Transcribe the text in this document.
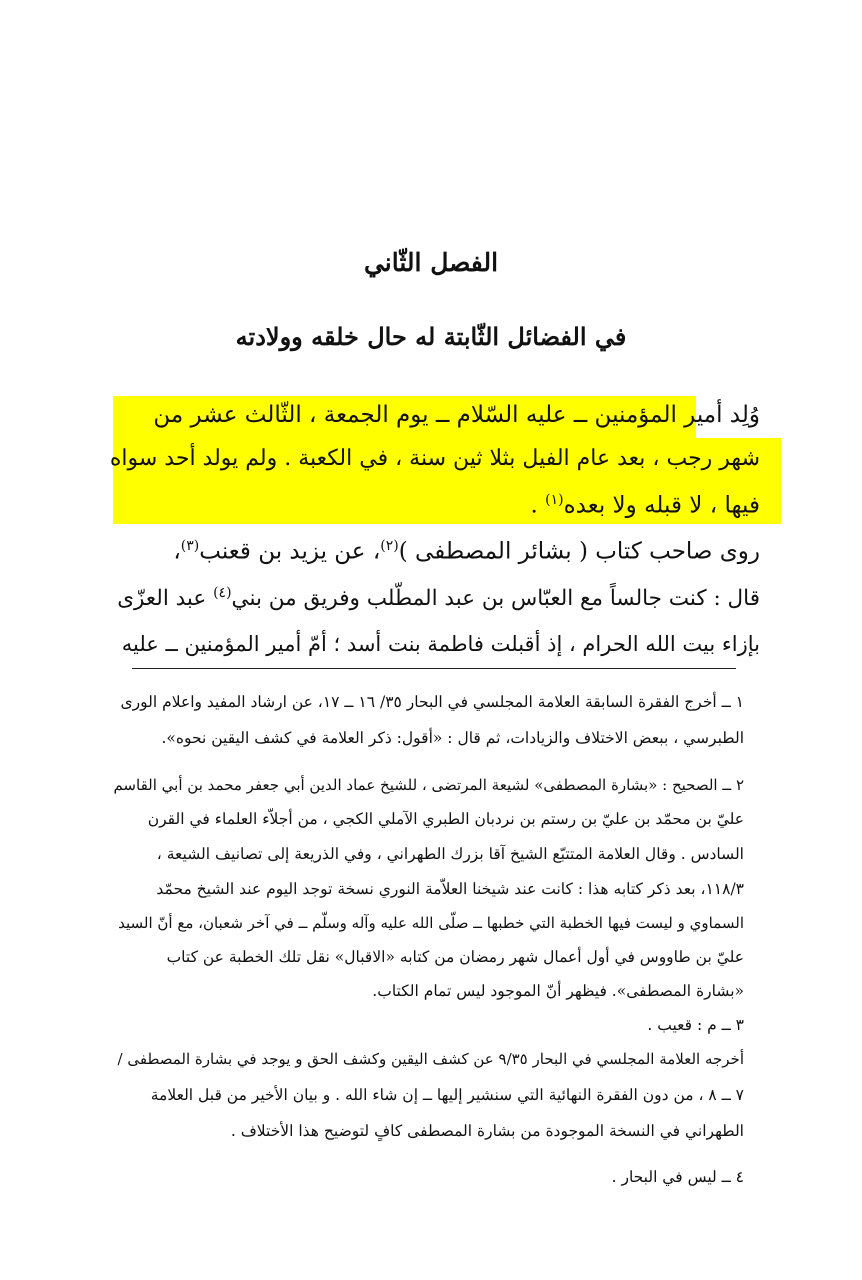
الفصل الثّاني
في الفضائل الثّابتة له حال خلقه وولادته
وُلِد أمير المؤمنين ــ عليه السّلام ــ يوم الجمعة ، الثّالث عشر من
شهر رجب ، بعد عام الفيل بثلا ثين سنة ، في الكعبة . ولم يولد أحد سواه
فيها ، لا قبله ولا بعده$^{(١)}$ .
روى صاحب كتاب ( بشائر المصطفى )$^{(٢)}$، عن يزيد بن قعنب$^{(٣)}$،
قال : كنت جالساً مع العبّاس بن عبد المطّلب وفريق من بني$^{(٤)}$ عبد العزّى
بإزاء بيت الله الحرام ، إذ أقبلت فاطمة بنت أسد ؛ أمّ أمير المؤمنين ــ عليه
١ ــ أخرج الفقرة السابقة العلامة المجلسي في البحار ٣٥/ ١٦ ــ ١٧، عن ارشاد المفيد واعلام الورى
الطبرسي ، ببعض الاختلاف والزيادات، ثم قال : «أقول: ذكر العلامة في كشف اليقين نحوه».
٢ ــ الصحيح : «بشارة المصطفى» لشيعة المرتضى ، للشيخ عماد الدين أبي جعفر محمد بن أبي القاسم
عليّ بن محمّد بن عليّ بن رستم بن نردبان الطبري الآملي الكجي ، من أجلاّء العلماء في القرن
السادس . وقال العلامة المتتبّع الشيخ آقا بزرك الطهراني ، وفي الذريعة إلى تصانيف الشيعة ،
١١٨/٣، بعد ذكر كتابه هذا : كانت عند شيخنا العلاّمة النوري نسخة توجد اليوم عند الشيخ محمّد
السماوي و ليست فيها الخطبة التي خطبها ــ صلّى الله عليه وآله وسلّم ــ في آخر شعبان، مع أنّ السيد
عليّ بن طاووس في أول أعمال شهر رمضان من كتابه «الاقبال» نقل تلك الخطبة عن كتاب
«بشارة المصطفى». فيظهر أنّ الموجود ليس تمام الكتاب.
٣ ــ م : قعيب .
أخرجه العلامة المجلسي في البحار ٩/٣٥ عن كشف اليقين وكشف الحق و يوجد في بشارة المصطفى /
٧ ــ ٨ ، من دون الفقرة النهائية التي سنشير إليها ــ إن شاء الله . و بيان الأخير من قبل العلامة
الطهراني في النسخة الموجودة من بشارة المصطفى كافٍ لتوضيح هذا الأختلاف .
٤ ــ ليس في البحار .
